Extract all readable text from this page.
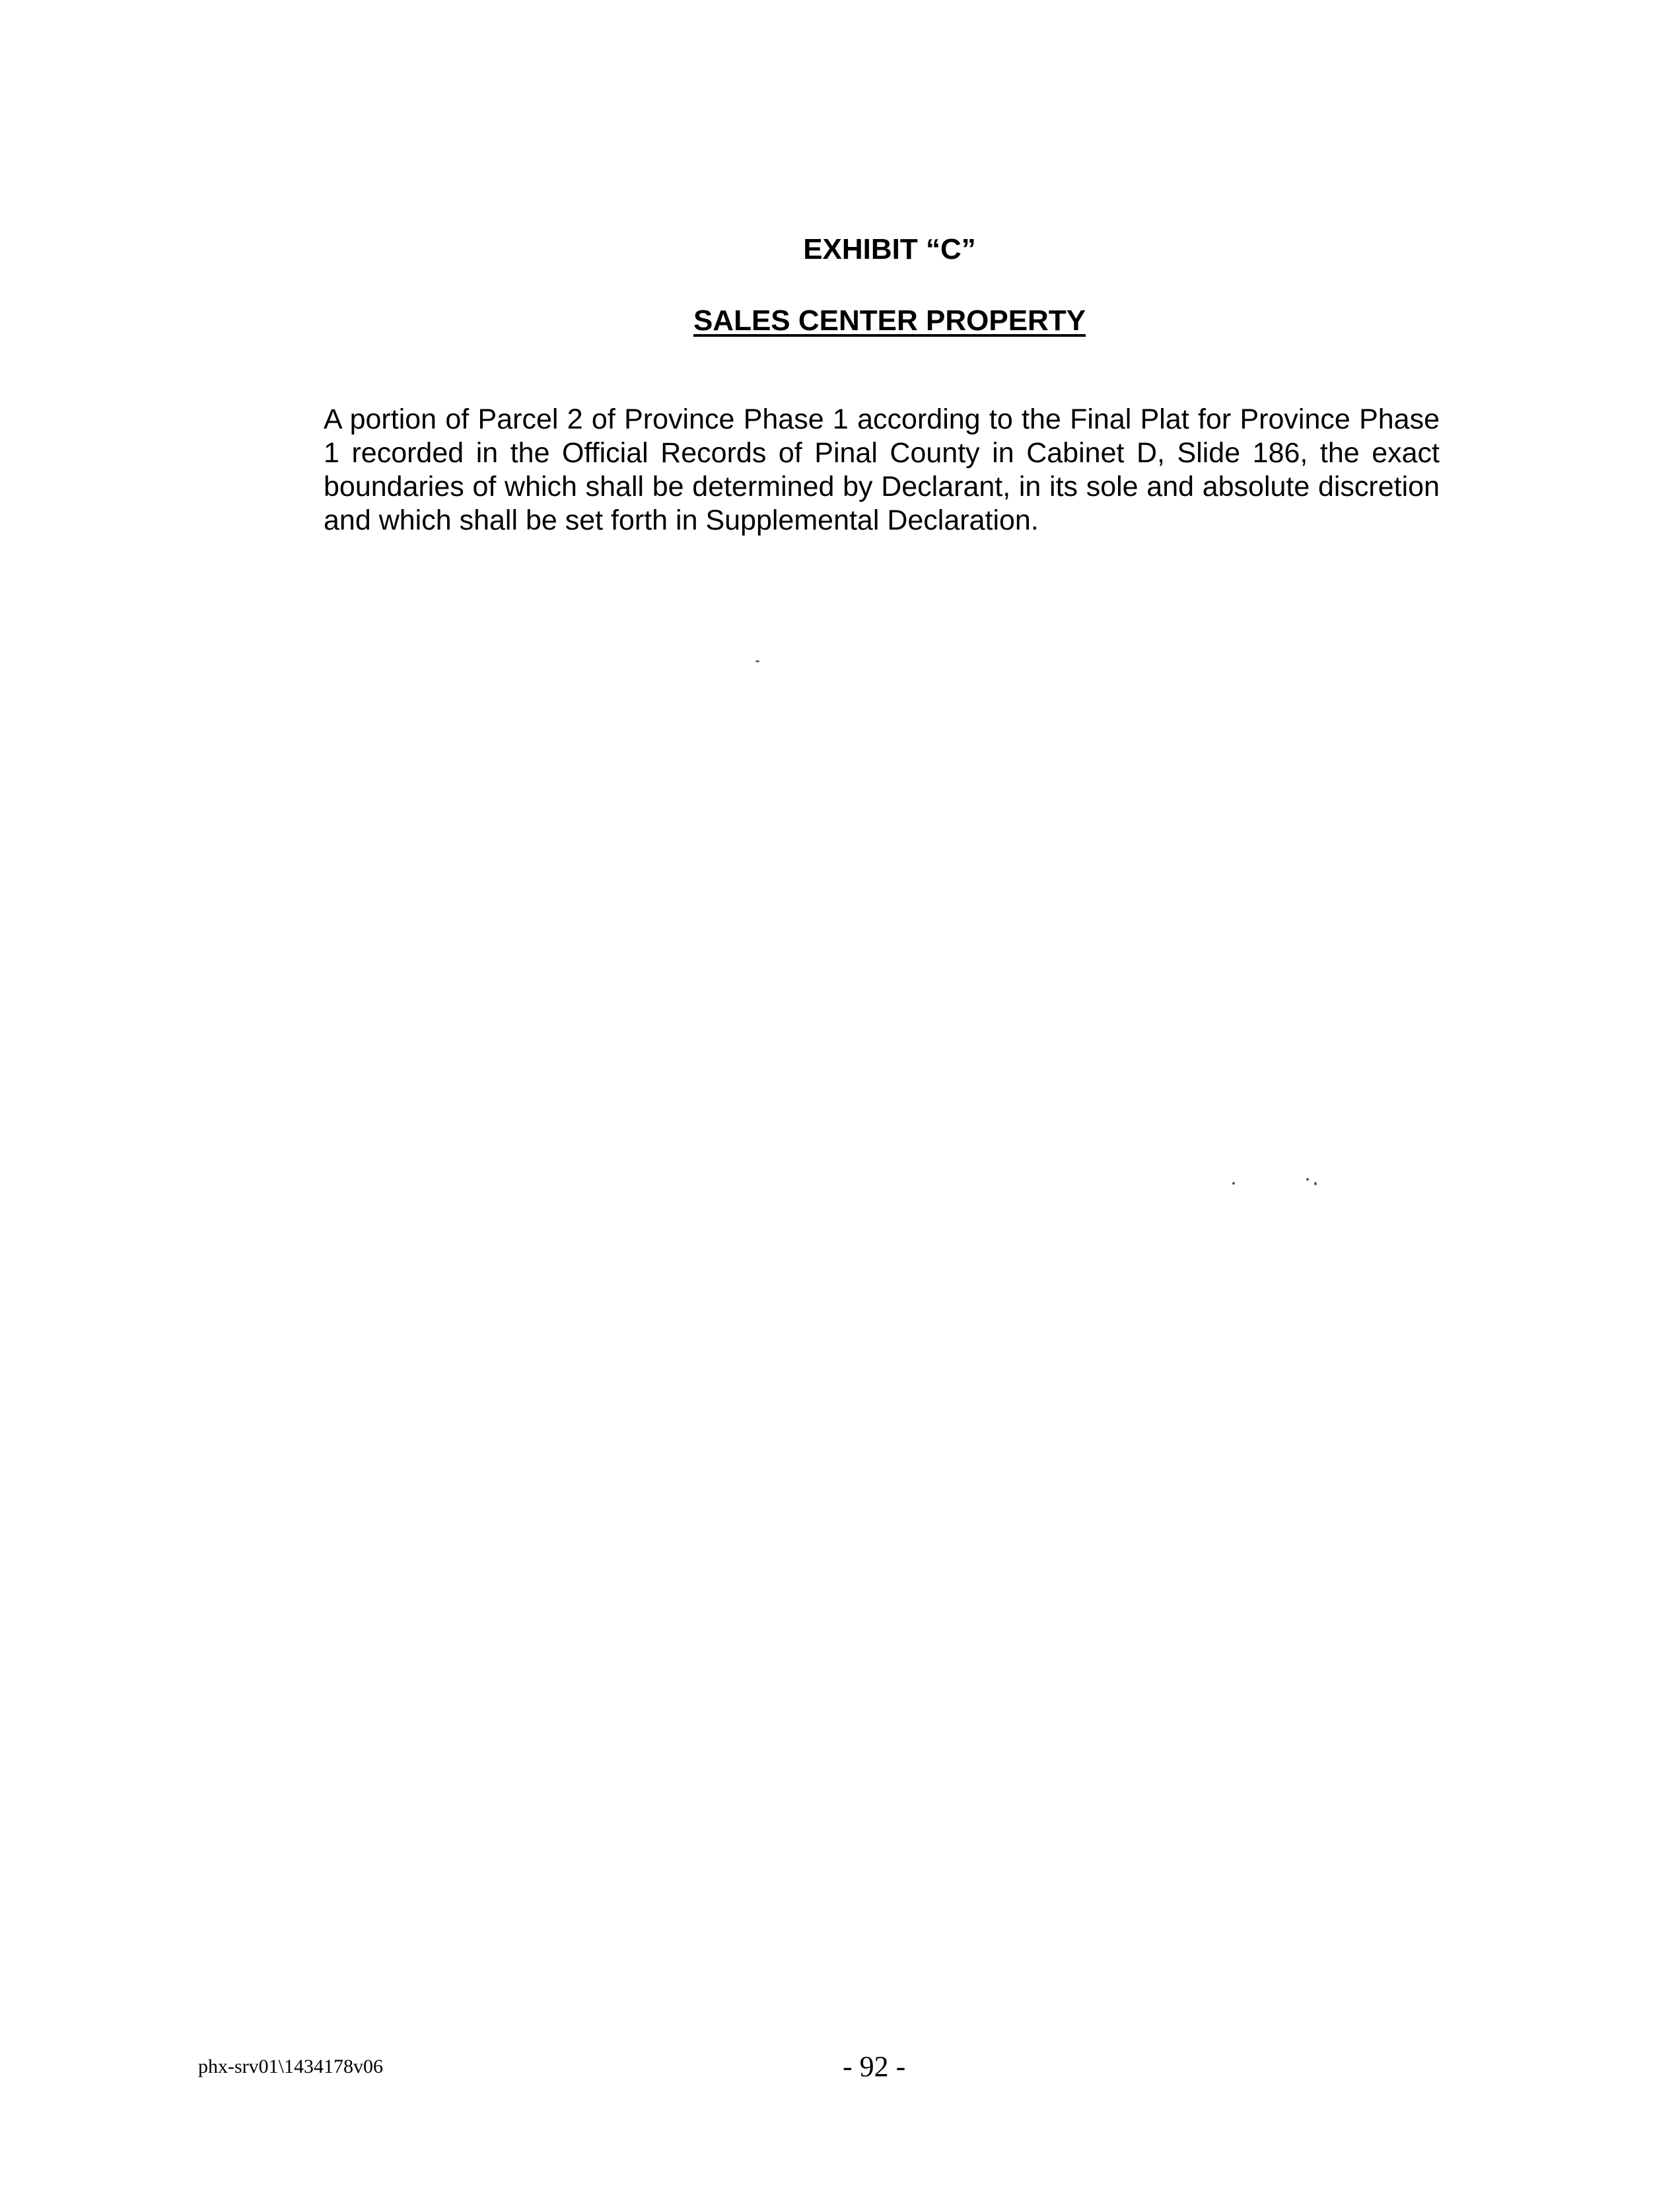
EXHIBIT “C”
SALES CENTER PROPERTY

A portion of Parcel 2 of Province Phase 1 according to the Final Plat for Province Phase 1 recorded in the Official Records of Pinal County in Cabinet D, Slide 186, the exact boundaries of which shall be determined by Declarant, in its sole and absolute discretion and which shall be set forth in Supplemental Declaration.

phx-srv01\1434178v06	- 92 -
